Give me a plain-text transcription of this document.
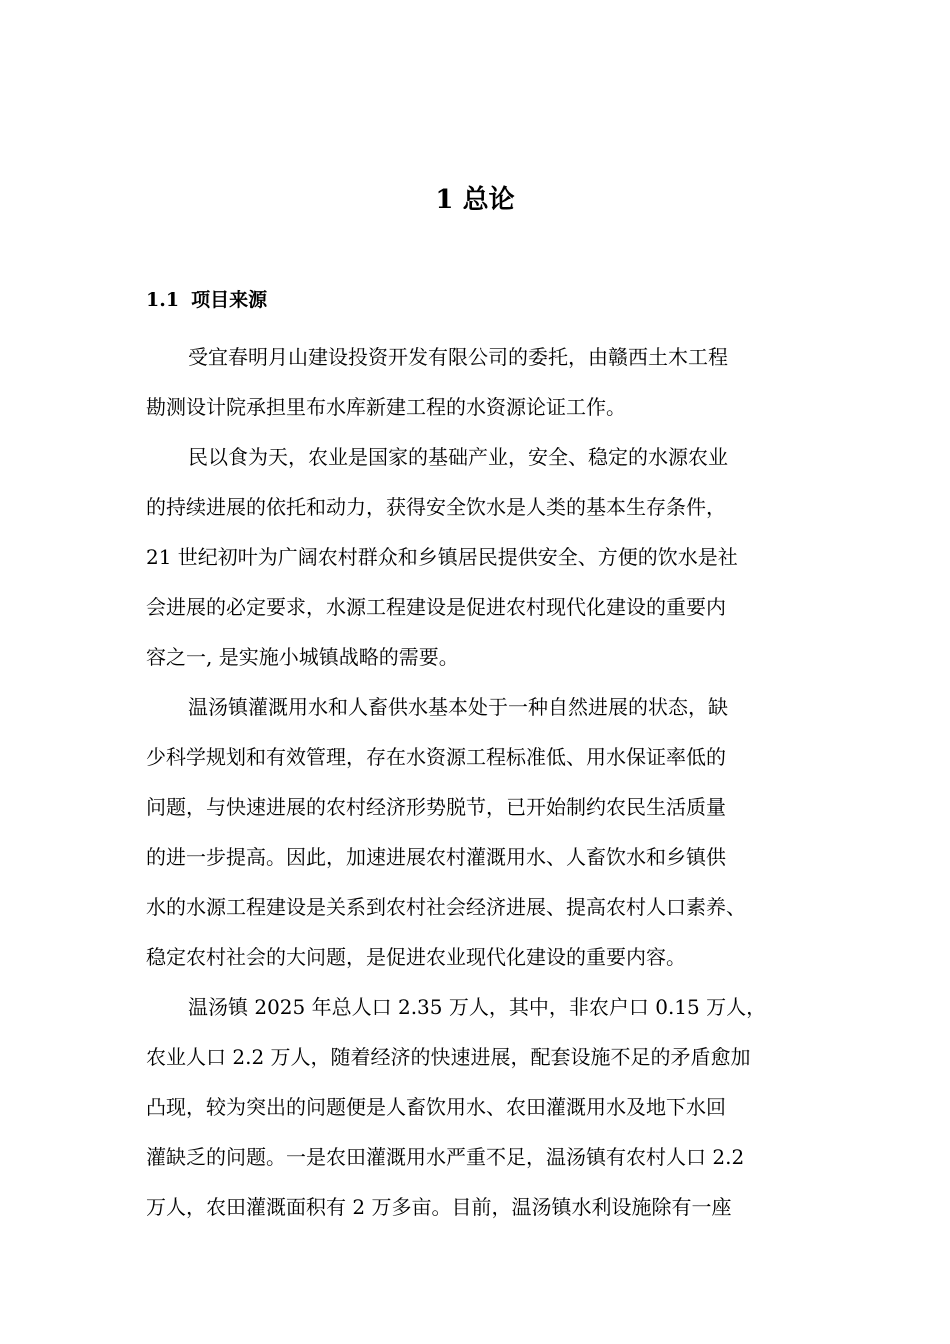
1 总论
1.1 项目来源

受宜春明月山建设投资开发有限公司的委托，由赣西土木工程
勘测设计院承担里布水库新建工程的水资源论证工作。

民以食为天，农业是国家的基础产业，安全、稳定的水源农业
的持续进展的依托和动力，获得安全饮水是人类的基本生存条件，
21 世纪初叶为广阔农村群众和乡镇居民提供安全、方便的饮水是社
会进展的必定要求，水源工程建设是促进农村现代化建设的重要内
容之一, 是实施小城镇战略的需要。

温汤镇灌溉用水和人畜供水基本处于一种自然进展的状态，缺
少科学规划和有效管理，存在水资源工程标准低、用水保证率低的
问题，与快速进展的农村经济形势脱节，已开始制约农民生活质量
的进一步提高。因此，加速进展农村灌溉用水、人畜饮水和乡镇供
水的水源工程建设是关系到农村社会经济进展、提高农村人口素养、
稳定农村社会的大问题，是促进农业现代化建设的重要内容。

温汤镇 2025 年总人口 2.35 万人，其中，非农户口 0.15 万人，
农业人口 2.2 万人，随着经济的快速进展，配套设施不足的矛盾愈加
凸现，较为突出的问题便是人畜饮用水、农田灌溉用水及地下水回
灌缺乏的问题。一是农田灌溉用水严重不足，温汤镇有农村人口 2.2
万人，农田灌溉面积有 2 万多亩。目前，温汤镇水利设施除有一座
